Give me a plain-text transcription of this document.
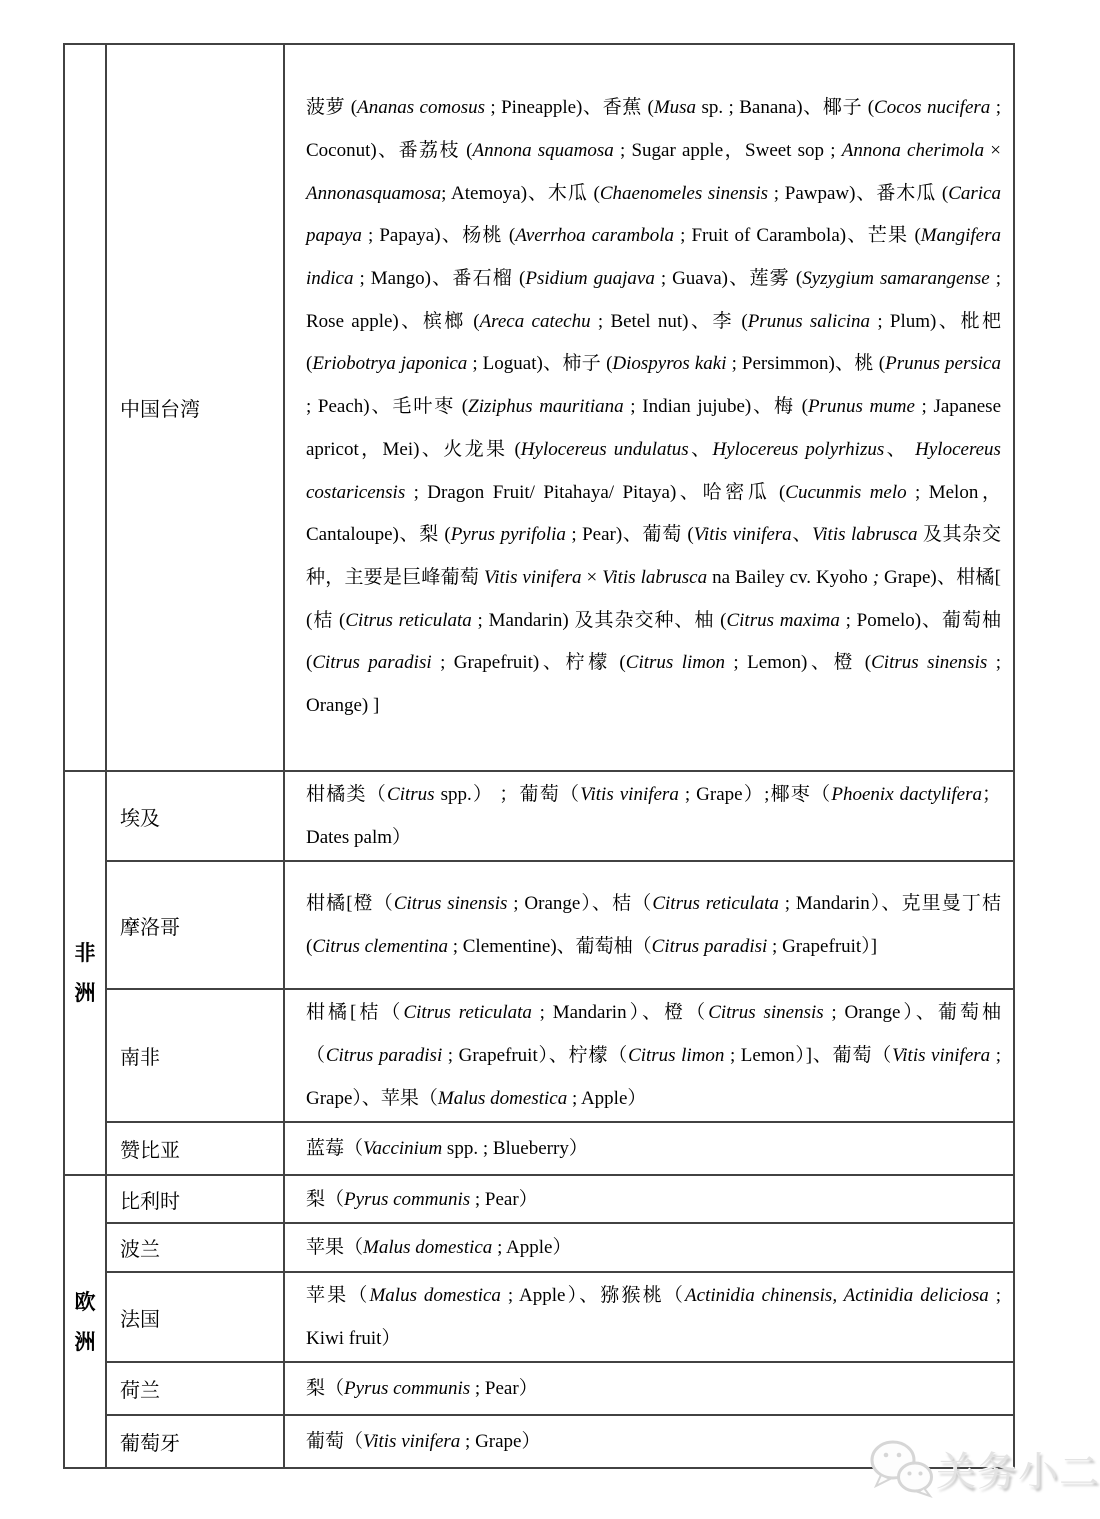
	中国台湾	菠萝 (Ananas comosus ; Pineapple)、香蕉 (Musa sp. ; Banana)、椰子 (Cocos nucifera ; Coconut)、番荔枝 (Annona squamosa ; Sugar apple，Sweet sop ; Annona cherimola × Annonasquamosa; Atemoya)、木瓜 (Chaenomeles sinensis ; Pawpaw)、番木瓜 (Carica papaya ; Papaya)、杨桃 (Averrhoa carambola ; Fruit of Carambola)、芒果 (Mangifera indica ; Mango)、番石榴 (Psidium guajava ; Guava)、莲雾 (Syzygium samarangense ; Rose apple)、槟榔 (Areca catechu ; Betel nut)、李 (Prunus salicina ; Plum)、枇杷 (Eriobotrya japonica ; Loguat)、柿子 (Diospyros kaki ; Persimmon)、桃 (Prunus persica ; Peach)、毛叶枣 (Ziziphus mauritiana ; Indian jujube)、梅 (Prunus mume ; Japanese apricot，Mei)、火龙果 (Hylocereus undulatus、Hylocereus polyrhizus、 Hylocereus costaricensis ; Dragon Fruit/ Pitahaya/ Pitaya)、哈密瓜 (Cucunmis melo ; Melon，Cantaloupe)、梨 (Pyrus pyrifolia ; Pear)、葡萄 (Vitis vinifera、Vitis labrusca 及其杂交种，主要是巨峰葡萄 Vitis vinifera × Vitis labrusca na Bailey cv. Kyoho ; Grape)、柑橘[ (桔 (Citrus reticulata ; Mandarin) 及其杂交种、柚 (Citrus maxima ; Pomelo)、葡萄柚 (Citrus paradisi ; Grapefruit)、柠檬 (Citrus limon ; Lemon)、橙 (Citrus sinensis ; Orange) ]

非洲	埃及	柑橘类（Citrus spp.） ；葡萄（Vitis vinifera ; Grape）;椰枣（Phoenix dactylifera； Dates palm）
	摩洛哥	柑橘[橙（Citrus sinensis ; Orange）、桔（Citrus reticulata ; Mandarin）、克里曼丁桔(Citrus clementina ; Clementine)、葡萄柚（Citrus paradisi ; Grapefruit）]
	南非	柑橘[桔（Citrus reticulata ; Mandarin）、橙（Citrus sinensis ; Orange）、葡萄柚（Citrus paradisi ; Grapefruit）、柠檬（Citrus limon ; Lemon）]、葡萄（Vitis vinifera ; Grape）、苹果（Malus domestica ; Apple）
	赞比亚	蓝莓（Vaccinium spp. ; Blueberry）

欧洲	比利时	梨（Pyrus communis ; Pear）
	波兰	苹果（Malus domestica ; Apple）
	法国	苹果（Malus domestica ; Apple）、猕猴桃（Actinidia chinensis, Actinidia deliciosa ; Kiwi fruit）
	荷兰	梨（Pyrus communis ; Pear）
	葡萄牙	葡萄（Vitis vinifera ; Grape）
关务小二
